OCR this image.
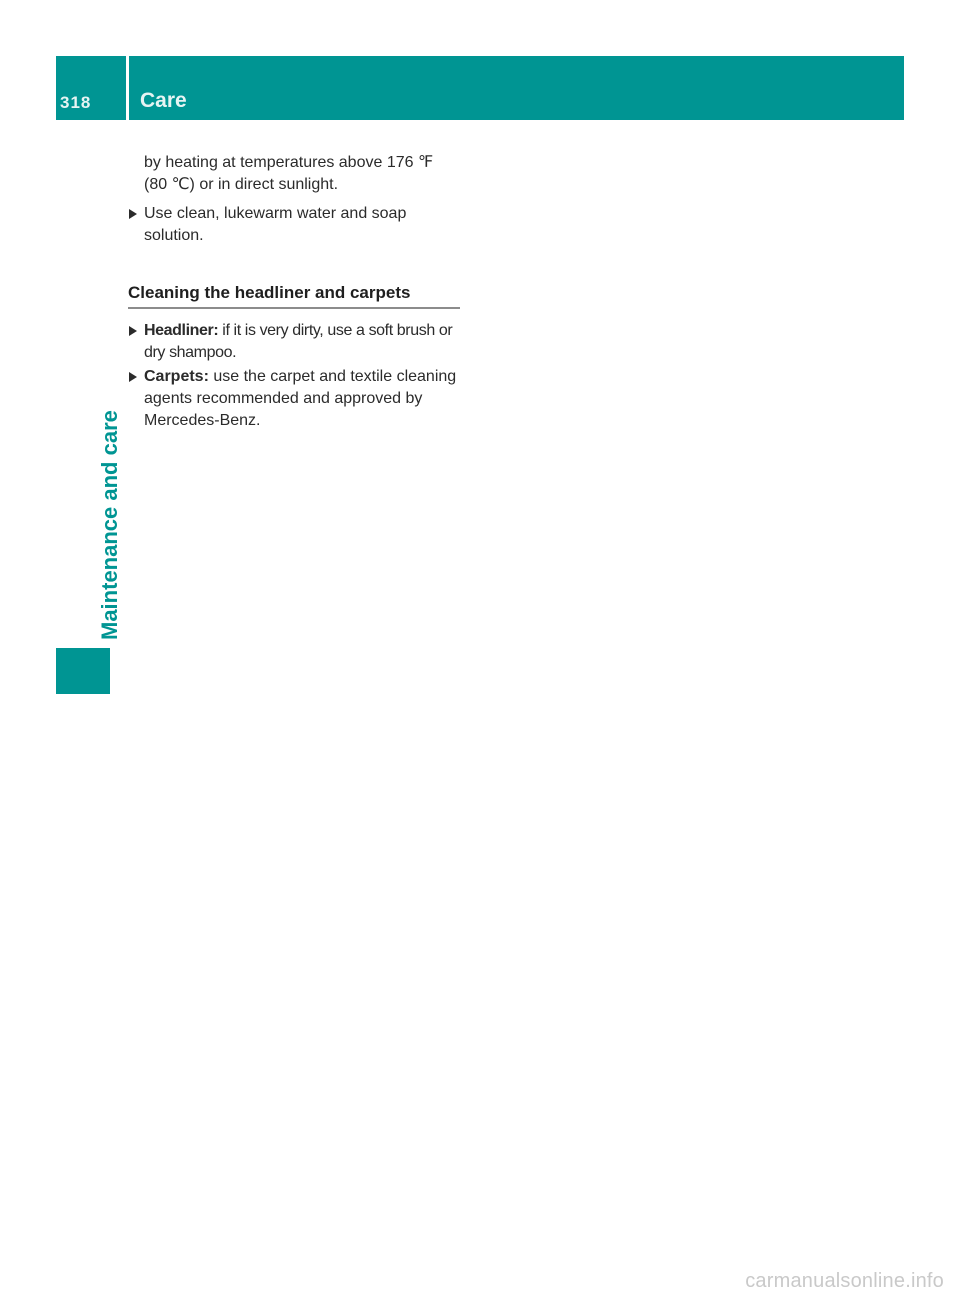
318	Care
Maintenance and care

by heating at temperatures above 176 ℉ (80 ℃) or in direct sunlight.

Use clean, lukewarm water and soap solution.
Cleaning the headliner and carpets
Headliner: if it is very dirty, use a soft brush or dry shampoo.
Carpets: use the carpet and textile cleaning agents recommended and approved by Mercedes-Benz.
carmanualsonline.info
